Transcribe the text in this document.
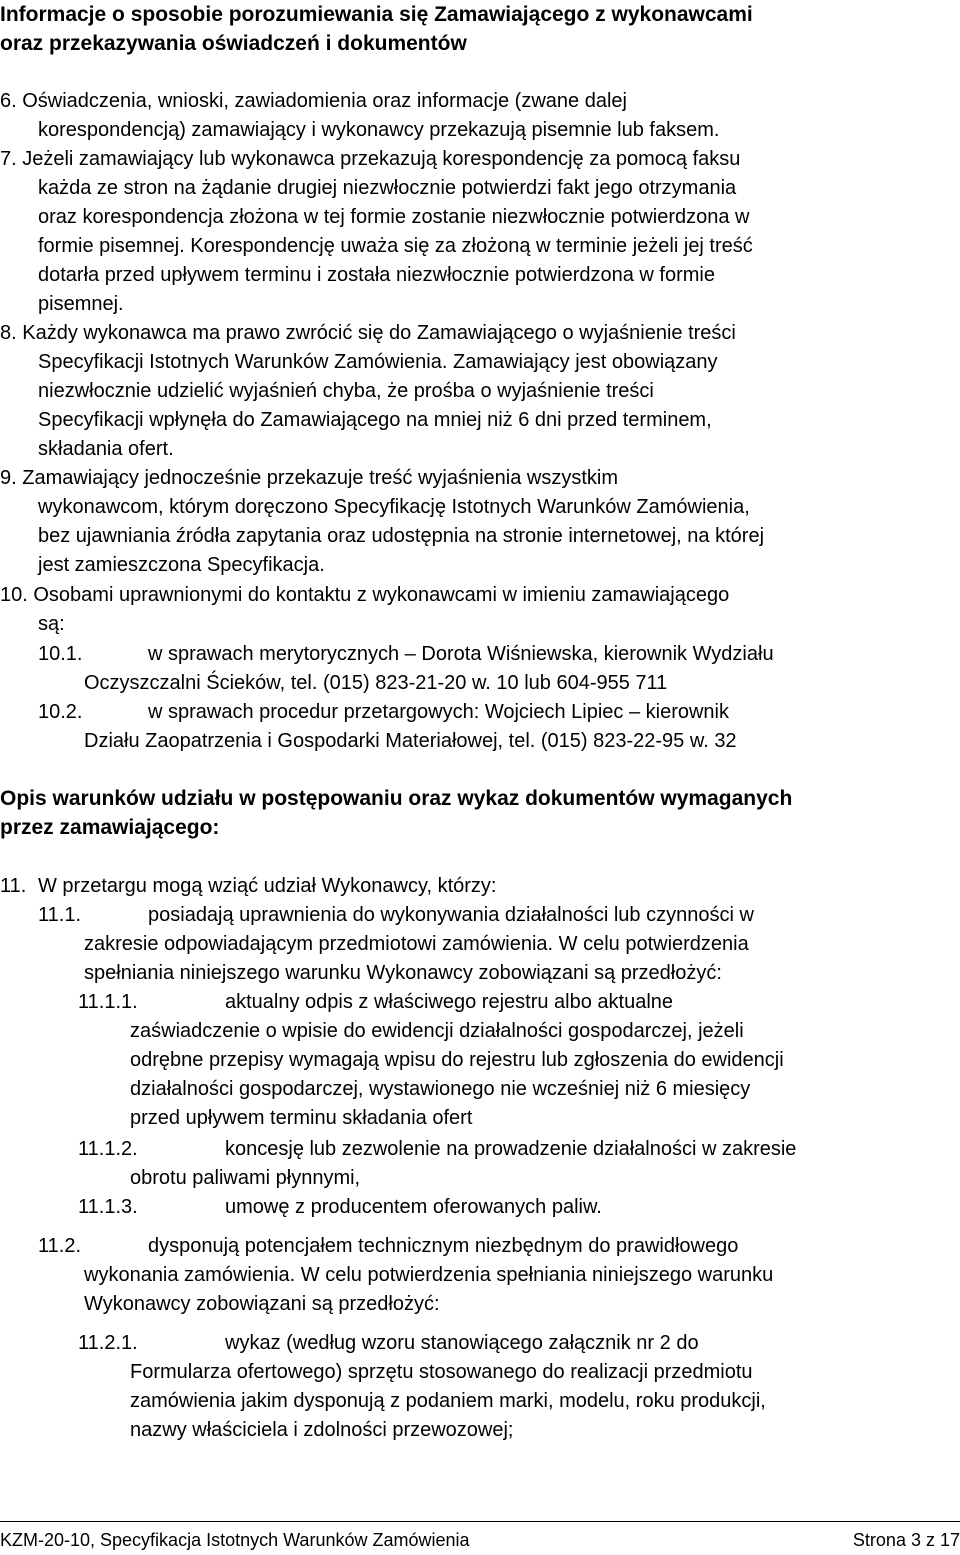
Informacje o sposobie porozumiewania się Zamawiającego z wykonawcami
oraz przekazywania oświadczeń i dokumentów
6. Oświadczenia, wnioski, zawiadomienia oraz informacje (zwane dalej
korespondencją) zamawiający i wykonawcy przekazują pisemnie lub faksem.
7. Jeżeli zamawiający lub wykonawca przekazują korespondencję za pomocą faksu
każda ze stron na żądanie drugiej niezwłocznie potwierdzi fakt jego otrzymania
oraz korespondencja złożona w tej formie zostanie niezwłocznie potwierdzona w
formie pisemnej. Korespondencję uważa się za złożoną w terminie jeżeli jej treść
dotarła przed upływem terminu i została niezwłocznie potwierdzona w formie
pisemnej.
8. Każdy wykonawca ma prawo zwrócić się do Zamawiającego o wyjaśnienie treści
Specyfikacji Istotnych Warunków Zamówienia. Zamawiający jest obowiązany
niezwłocznie udzielić wyjaśnień chyba, że prośba o wyjaśnienie treści
Specyfikacji wpłynęła do Zamawiającego na mniej niż 6 dni przed terminem,
składania ofert.
9. Zamawiający jednocześnie przekazuje treść wyjaśnienia wszystkim
wykonawcom, którym doręczono Specyfikację Istotnych Warunków Zamówienia,
bez ujawniania źródła zapytania oraz udostępnia na stronie internetowej, na której
jest zamieszczona Specyfikacja.
10. Osobami uprawnionymi do kontaktu z wykonawcami w imieniu zamawiającego
są:
10.1.	w sprawach merytorycznych – Dorota Wiśniewska, kierownik Wydziału
Oczyszczalni Ścieków, tel. (015) 823-21-20 w. 10 lub 604-955 711
10.2.	w sprawach procedur przetargowych: Wojciech Lipiec – kierownik
Działu Zaopatrzenia i Gospodarki Materiałowej, tel. (015) 823-22-95 w. 32
Opis warunków udziału w postępowaniu oraz wykaz dokumentów wymaganych
przez zamawiającego:
11. W przetargu mogą wziąć udział Wykonawcy, którzy:
11.1.	posiadają uprawnienia do wykonywania działalności lub czynności w
zakresie odpowiadającym przedmiotowi zamówienia. W celu potwierdzenia
spełniania niniejszego warunku Wykonawcy zobowiązani są przedłożyć:
11.1.1.	aktualny odpis z właściwego rejestru albo aktualne
zaświadczenie o wpisie do ewidencji działalności gospodarczej, jeżeli
odrębne przepisy wymagają wpisu do rejestru lub zgłoszenia do ewidencji
działalności gospodarczej, wystawionego nie wcześniej niż 6 miesięcy
przed upływem terminu składania ofert
11.1.2.	koncesję lub zezwolenie na prowadzenie działalności w zakresie
obrotu paliwami płynnymi,
11.1.3.	umowę z producentem oferowanych paliw.
11.2.	dysponują potencjałem technicznym niezbędnym do prawidłowego
wykonania zamówienia. W celu potwierdzenia spełniania niniejszego warunku
Wykonawcy zobowiązani są przedłożyć:
11.2.1.	wykaz (według wzoru stanowiącego załącznik nr 2 do
Formularza ofertowego) sprzętu stosowanego do realizacji przedmiotu
zamówienia jakim dysponują z podaniem marki, modelu, roku produkcji,
nazwy właściciela i zdolności przewozowej;
KZM-20-10, Specyfikacja Istotnych Warunków Zamówienia	Strona 3 z 17
